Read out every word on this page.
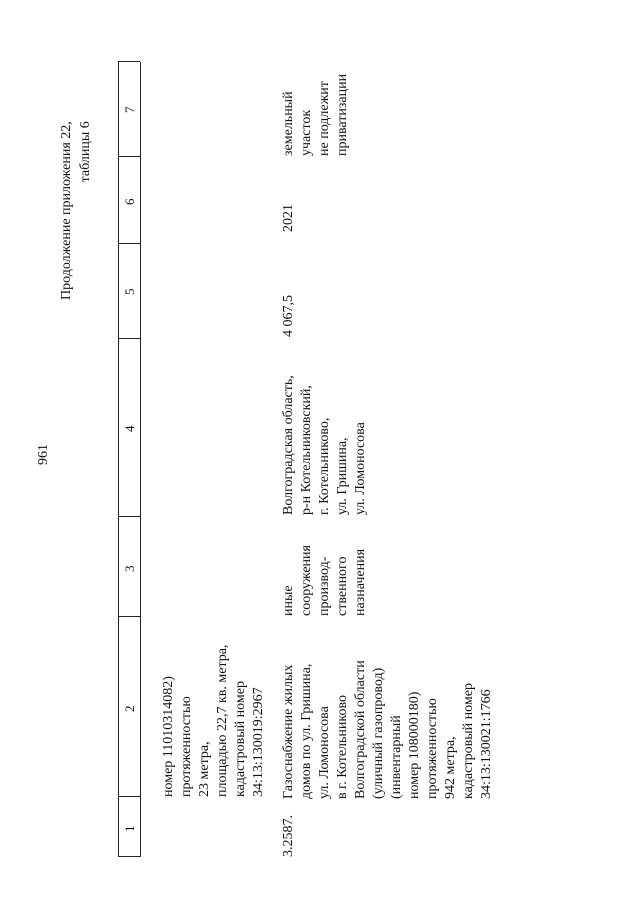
961
Продолжение приложения 22, таблицы 6
1
2
3
4
5
6
7
номер 11010314082) протяженностью 23 метра, площадью 22,7 кв. метра, кадастровый номер 34:13:130019:2967
3.2587.
Газоснабжение жилых домов по ул. Гришина, ул. Ломоносова в г. Котельниково Волгоградской области (уличный газопровод) (инвентарный номер 108000180) протяженностью 942 метра, кадастровый номер 34:13:130021:1766
иные сооружения производ- ственного назначения
Волгоградская область, р-н Котельниковский, г. Котельниково, ул. Гришина, ул. Ломоносова
4 067,5
2021
земельный участок не подлежит приватизации
